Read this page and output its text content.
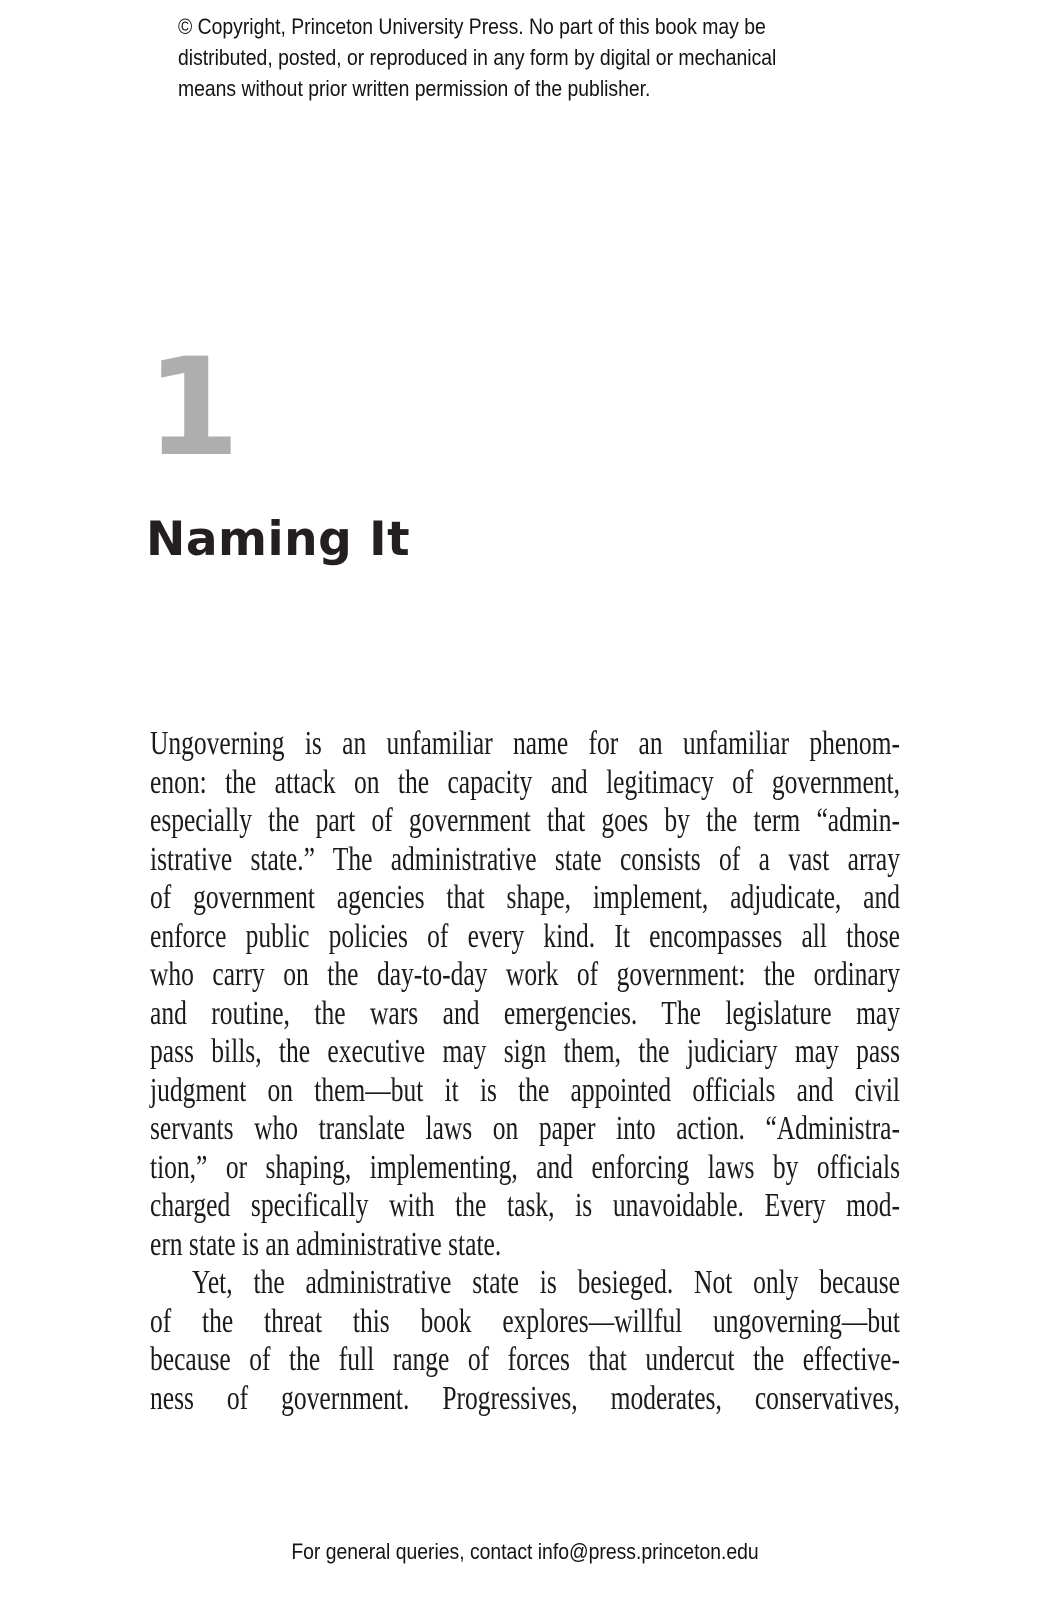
© Copyright, Princeton University Press. No part of this book may be
distributed, posted, or reproduced in any form by digital or mechanical
means without prior written permission of the publisher.
1
Naming It
Ungoverning is an unfamiliar name for an unfamiliar phenom-
enon: the attack on the capacity and legitimacy of government,
especially the part of government that goes by the term “admin-
istrative state.” The administrative state consists of a vast array
of government agencies that shape, implement, adjudicate, and
enforce public policies of every kind. It encompasses all those
who carry on the day-to-day work of government: the ordinary
and routine, the wars and emergencies. The legislature may
pass bills, the executive may sign them, the judiciary may pass
judgment on them—but it is the appointed officials and civil
servants who translate laws on paper into action. “Administra-
tion,” or shaping, implementing, and enforcing laws by officials
charged specifically with the task, is unavoidable. Every mod-
ern state is an administrative state.
Yet, the administrative state is besieged. Not only because
of the threat this book explores—willful ungoverning—but
because of the full range of forces that undercut the effective-
ness of government. Progressives, moderates, conservatives,
For general queries, contact info@press.princeton.edu
